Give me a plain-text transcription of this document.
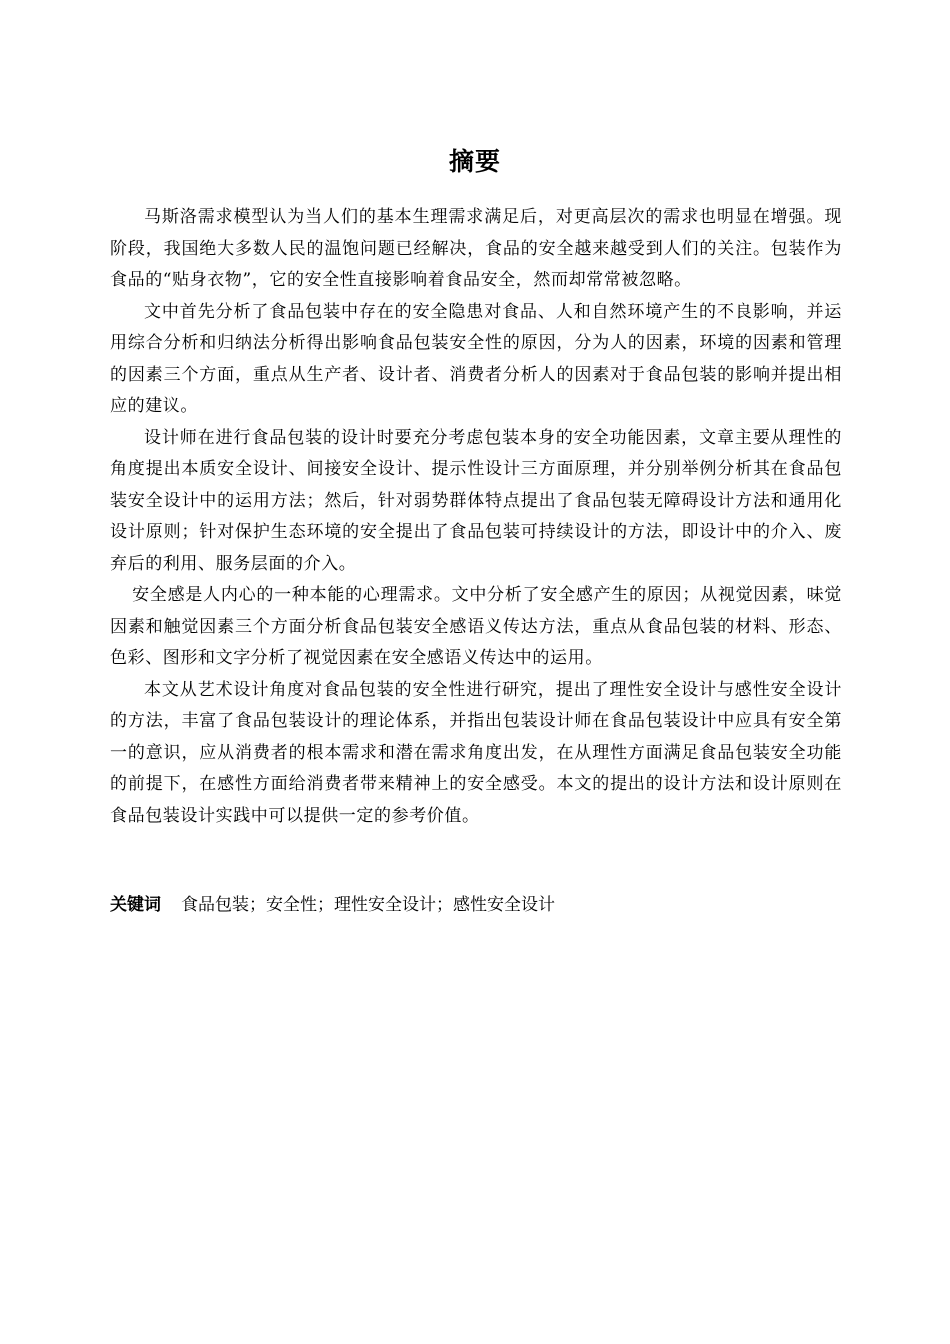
摘要

马斯洛需求模型认为当人们的基本生理需求满足后，对更高层次的需求也明显在增强。现阶段，我国绝大多数人民的温饱问题已经解决，食品的安全越来越受到人们的关注。包装作为食品的“贴身衣物”，它的安全性直接影响着食品安全，然而却常常被忽略。

文中首先分析了食品包装中存在的安全隐患对食品、人和自然环境产生的不良影响，并运用综合分析和归纳法分析得出影响食品包装安全性的原因，分为人的因素，环境的因素和管理的因素三个方面，重点从生产者、设计者、消费者分析人的因素对于食品包装的影响并提出相应的建议。

设计师在进行食品包装的设计时要充分考虑包装本身的安全功能因素，文章主要从理性的角度提出本质安全设计、间接安全设计、提示性设计三方面原理，并分别举例分析其在食品包装安全设计中的运用方法；然后，针对弱势群体特点提出了食品包装无障碍设计方法和通用化设计原则；针对保护生态环境的安全提出了食品包装可持续设计的方法，即设计中的介入、废弃后的利用、服务层面的介入。

安全感是人内心的一种本能的心理需求。文中分析了安全感产生的原因；从视觉因素，味觉因素和触觉因素三个方面分析食品包装安全感语义传达方法，重点从食品包装的材料、形态、色彩、图形和文字分析了视觉因素在安全感语义传达中的运用。

本文从艺术设计角度对食品包装的安全性进行研究，提出了理性安全设计与感性安全设计的方法，丰富了食品包装设计的理论体系，并指出包装设计师在食品包装设计中应具有安全第一的意识，应从消费者的根本需求和潜在需求角度出发，在从理性方面满足食品包装安全功能的前提下，在感性方面给消费者带来精神上的安全感受。本文的提出的设计方法和设计原则在食品包装设计实践中可以提供一定的参考价值。

关键词 食品包装；安全性；理性安全设计；感性安全设计
